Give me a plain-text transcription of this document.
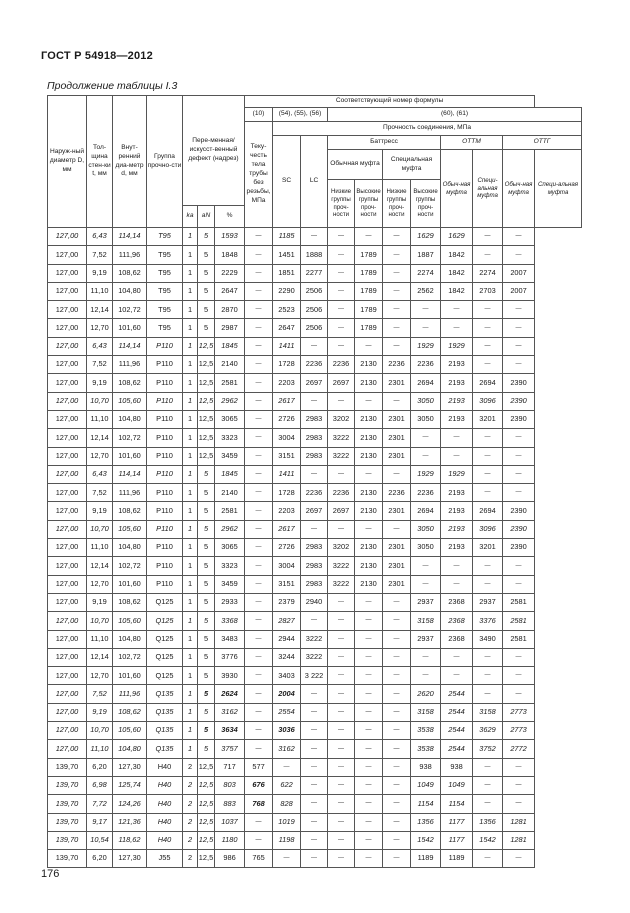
ГОСТ Р 54918—2012
Продолжение таблицы I.3
Наруж-ный диаметр D, мм	Тол-щина стен-ки t, мм	Внут-ренний диа-метр d, мм	Группа прочно-сти	Пере-менная/ искусст-венный дефект (надрез)			Соответствующий номер формулы										
							(10)	(54), (55), (56)		(60), (61)							
							Теку-честь тела трубы без резьбы, МПа	Прочность соединения, МПа									
								SC	LC	Баттресс				ОТТМ		ОТТГ	
										Обычная муфта		Специальная муфта		Обыч-ная муфта	Специ-альная муфта	Обыч-ная муфта	Специ-альная муфта
										Низкие группы проч-ности	Высокие группы проч-ности	Низкие группы проч-ности	Высокие группы проч-ности				
				ka	aN	%											
127,00	6,43	114,14	T95	1	5	1593	—	1185	—	—	—	—	1629	1629	—	—	
127,00	7,52	111,96	T95	1	5	1848	—	1451	1888	—	1789	—	1887	1842	—	—	
127,00	9,19	108,62	T95	1	5	2229	—	1851	2277	—	1789	—	2274	1842	2274	2007	
127,00	11,10	104,80	T95	1	5	2647	—	2290	2506	—	1789	—	2562	1842	2703	2007	
127,00	12,14	102,72	T95	1	5	2870	—	2523	2506	—	1789	—	—	—	—	—	
127,00	12,70	101,60	T95	1	5	2987	—	2647	2506	—	1789	—	—	—	—	—	
127,00	6,43	114,14	P110	1	12,5	1845	—	1411	—	—	—	—	1929	1929	—	—	
127,00	7,52	111,96	P110	1	12,5	2140	—	1728	2236	2236	2130	2236	2236	2193	—	—	
127,00	9,19	108,62	P110	1	12,5	2581	—	2203	2697	2697	2130	2301	2694	2193	2694	2390	
127,00	10,70	105,60	P110	1	12,5	2962	—	2617	—	—	—	—	3050	2193	3096	2390	
127,00	11,10	104,80	P110	1	12,5	3065	—	2726	2983	3202	2130	2301	3050	2193	3201	2390	
127,00	12,14	102,72	P110	1	12,5	3323	—	3004	2983	3222	2130	2301	—	—	—	—	
127,00	12,70	101,60	P110	1	12,5	3459	—	3151	2983	3222	2130	2301	—	—	—	—	
127,00	6,43	114,14	P110	1	5	1845	—	1411	—	—	—	—	1929	1929	—	—	
127,00	7,52	111,96	P110	1	5	2140	—	1728	2236	2236	2130	2236	2236	2193	—	—	
127,00	9,19	108,62	P110	1	5	2581	—	2203	2697	2697	2130	2301	2694	2193	2694	2390	
127,00	10,70	105,60	P110	1	5	2962	—	2617	—	—	—	—	3050	2193	3096	2390	
127,00	11,10	104,80	P110	1	5	3065	—	2726	2983	3202	2130	2301	3050	2193	3201	2390	
127,00	12,14	102,72	P110	1	5	3323	—	3004	2983	3222	2130	2301	—	—	—	—	
127,00	12,70	101,60	P110	1	5	3459	—	3151	2983	3222	2130	2301	—	—	—	—	
127,00	9,19	108,62	Q125	1	5	2933	—	2379	2940	—	—	—	2937	2368	2937	2581	
127,00	10,70	105,60	Q125	1	5	3368	—	2827	—	—	—	—	3158	2368	3376	2581	
127,00	11,10	104,80	Q125	1	5	3483	—	2944	3222	—	—	—	2937	2368	3490	2581	
127,00	12,14	102,72	Q125	1	5	3776	—	3244	3222	—	—	—	—	—	—	—	
127,00	12,70	101,60	Q125	1	5	3930	—	3403	3 222	—	—	—	—	—	—	—	
127,00	7,52	111,96	Q135	1	5	2624	—	2004	—	—	—	—	2620	2544	—	—	
127,00	9,19	108,62	Q135	1	5	3162	—	2554	—	—	—	—	3158	2544	3158	2773	
127,00	10,70	105,60	Q135	1	5	3634	—	3036	—	—	—	—	3538	2544	3629	2773	
127,00	11,10	104,80	Q135	1	5	3757	—	3162	—	—	—	—	3538	2544	3752	2772	
139,70	6,20	127,30	H40	2	12,5	717	577	—	—	—	—	—	938	938	—	—	
139,70	6,98	125,74	H40	2	12,5	803	676	622	—	—	—	—	1049	1049	—	—	
139,70	7,72	124,26	H40	2	12,5	883	768	828	—	—	—	—	1154	1154	—	—	
139,70	9,17	121,36	H40	2	12,5	1037	—	1019	—	—	—	—	1356	1177	1356	1281	
139,70	10,54	118,62	H40	2	12,5	1180	—	1198	—	—	—	—	1542	1177	1542	1281	
139,70	6,20	127,30	J55	2	12,5	986	765	—	—	—	—	—	1189	1189	—	—	
176
